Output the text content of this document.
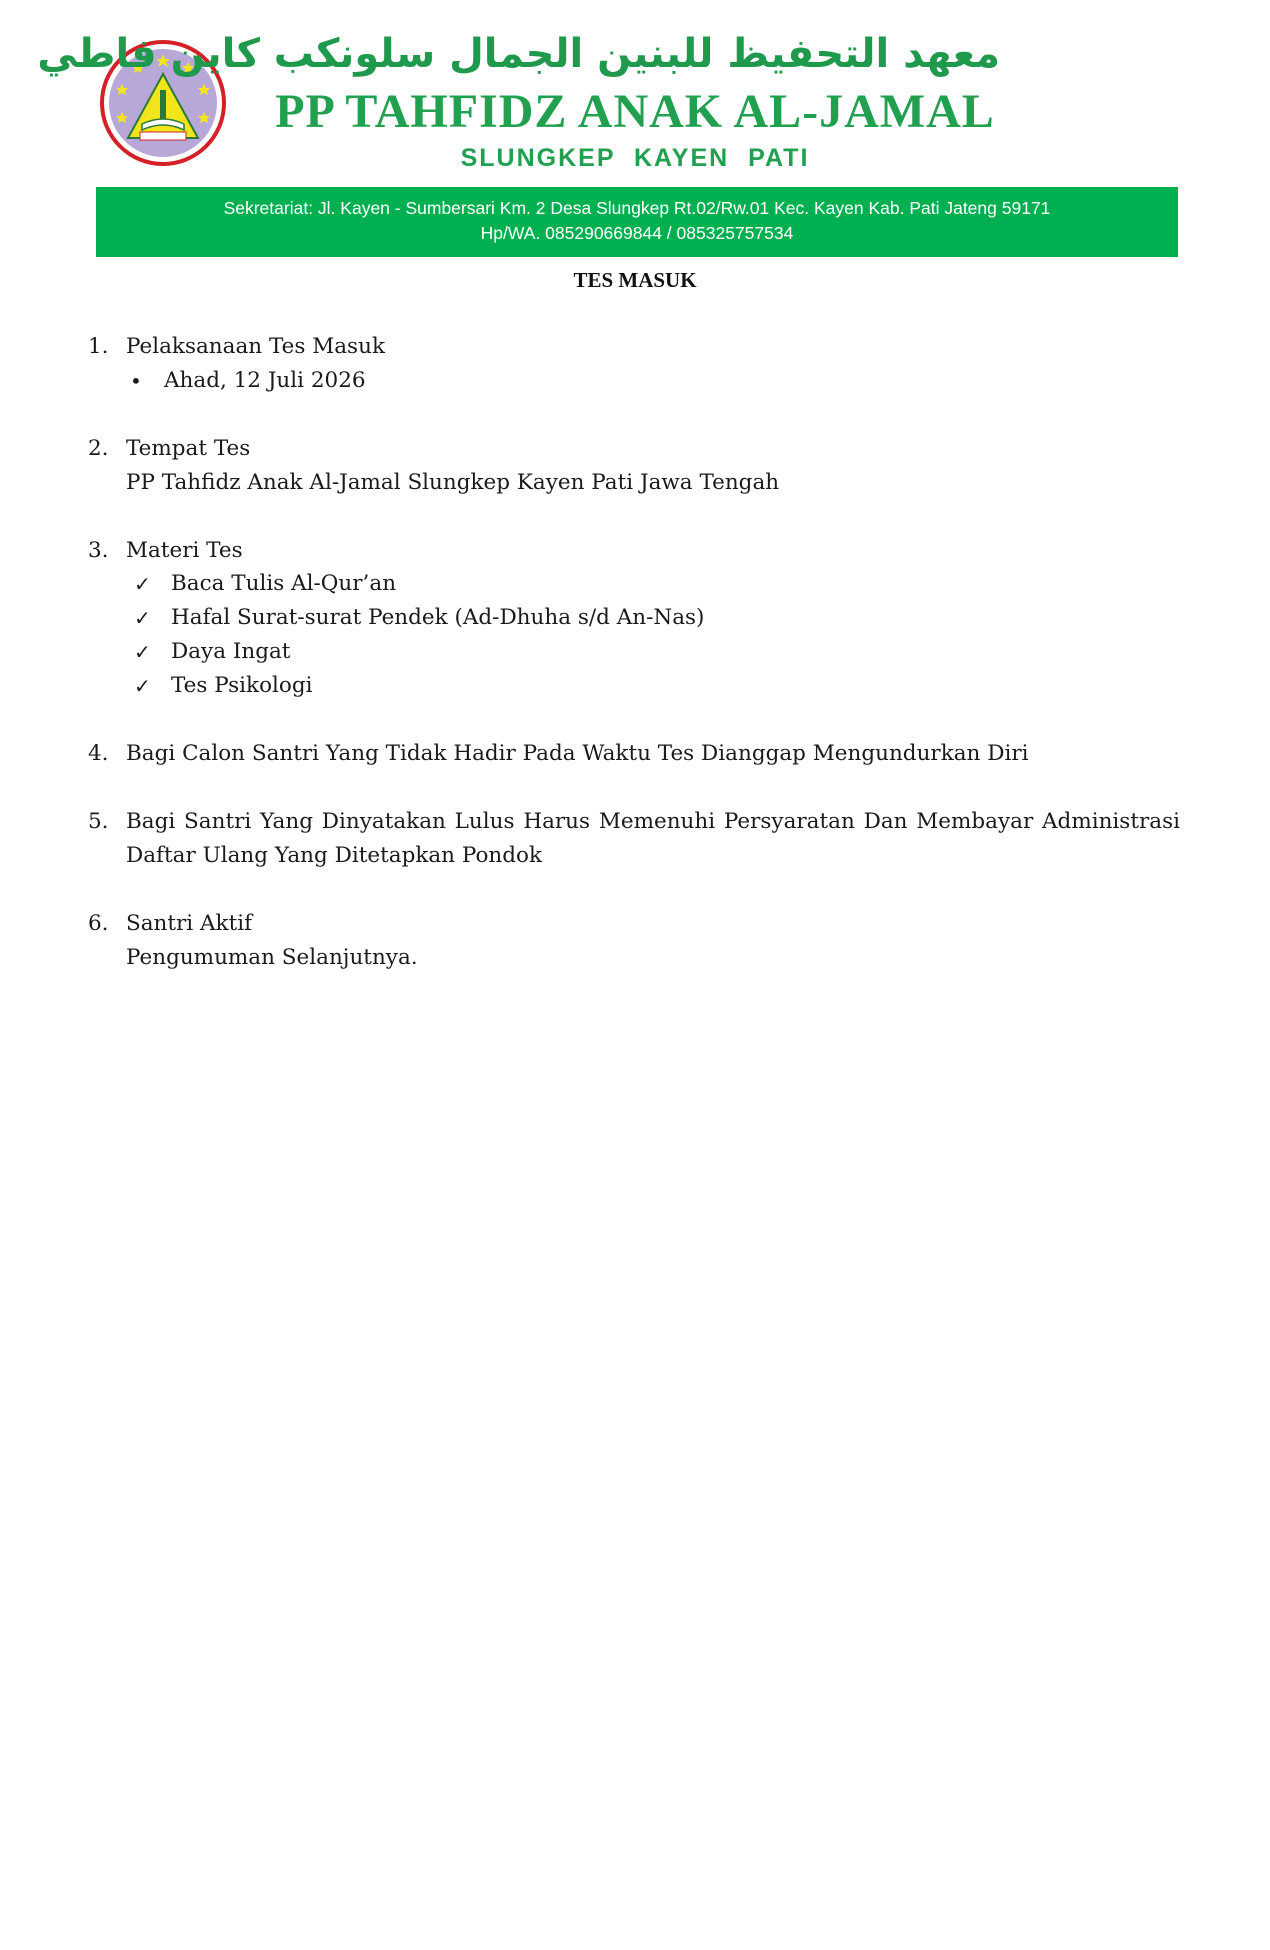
معهد التحفيظ للبنين الجمال سلونكب كاين فاطي
PP TAHFIDZ ANAK AL-JAMAL
SLUNGKEP KAYEN PATI
Sekretariat: Jl. Kayen - Sumbersari Km. 2 Desa Slungkep Rt.02/Rw.01 Kec. Kayen Kab. Pati Jateng 59171
Hp/WA. 085290669844 / 085325757534
TES MASUK
1. Pelaksanaan Tes Masuk
• Ahad, 12 Juli 2026
2. Tempat Tes
PP Tahfidz Anak Al-Jamal Slungkep Kayen Pati Jawa Tengah
3. Materi Tes
✓ Baca Tulis Al-Qur’an
✓ Hafal Surat-surat Pendek (Ad-Dhuha s/d An-Nas)
✓ Daya Ingat
✓ Tes Psikologi
4. Bagi Calon Santri Yang Tidak Hadir Pada Waktu Tes Dianggap Mengundurkan Diri
5. Bagi Santri Yang Dinyatakan Lulus Harus Memenuhi Persyaratan Dan Membayar Administrasi
Daftar Ulang Yang Ditetapkan Pondok
6. Santri Aktif
Pengumuman Selanjutnya.
